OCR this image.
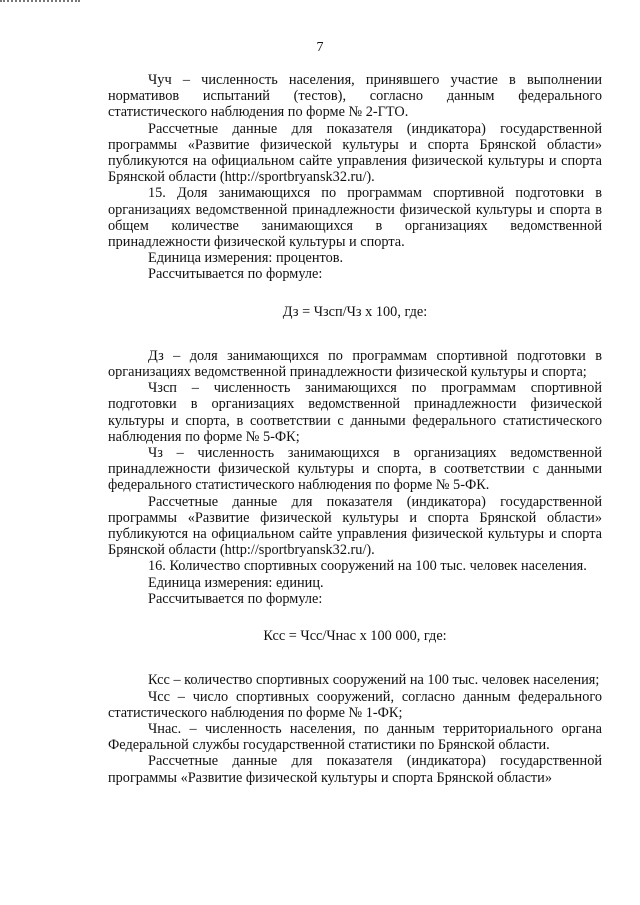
7

Чуч – численность населения, принявшего участие в выполнении нормативов испытаний (тестов), согласно данным федерального статистического наблюдения по форме № 2-ГТО.

Рассчетные данные для показателя (индикатора) государственной программы «Развитие физической культуры и спорта Брянской области» публикуются на официальном сайте управления физической культуры и спорта Брянской области (http://sportbryansk32.ru/).

15. Доля занимающихся по программам спортивной подготовки в организациях ведомственной принадлежности физической культуры и спорта в общем количестве занимающихся в организациях ведомственной принадлежности физической культуры и спорта.

Единица измерения: процентов.

Рассчитывается по формуле:

Дз = Чзсп/Чз х 100, где:

Дз – доля занимающихся по программам спортивной подготовки в организациях ведомственной принадлежности физической культуры и спорта;

Чзсп – численность занимающихся по программам спортивной подготовки в организациях ведомственной принадлежности физической культуры и спорта, в соответствии с данными федерального статистического наблюдения по форме № 5-ФК;

Чз – численность занимающихся в организациях ведомственной принадлежности физической культуры и спорта, в соответствии с данными федерального статистического наблюдения по форме № 5-ФК.

Рассчетные данные для показателя (индикатора) государственной программы «Развитие физической культуры и спорта Брянской области» публикуются на официальном сайте управления физической культуры и спорта Брянской области (http://sportbryansk32.ru/).

16. Количество спортивных сооружений на 100 тыс. человек населения.

Единица измерения: единиц.

Рассчитывается по формуле:

Ксс = Чсс/Чнас х 100 000, где:

Ксс – количество спортивных сооружений на 100 тыс. человек населения;

Чсс – число спортивных сооружений, согласно данным федерального статистического наблюдения по форме № 1-ФК;

Чнас. – численность населения, по данным территориального органа Федеральной службы государственной статистики по Брянской области.

Рассчетные данные для показателя (индикатора) государственной программы «Развитие физической культуры и спорта Брянской области»
